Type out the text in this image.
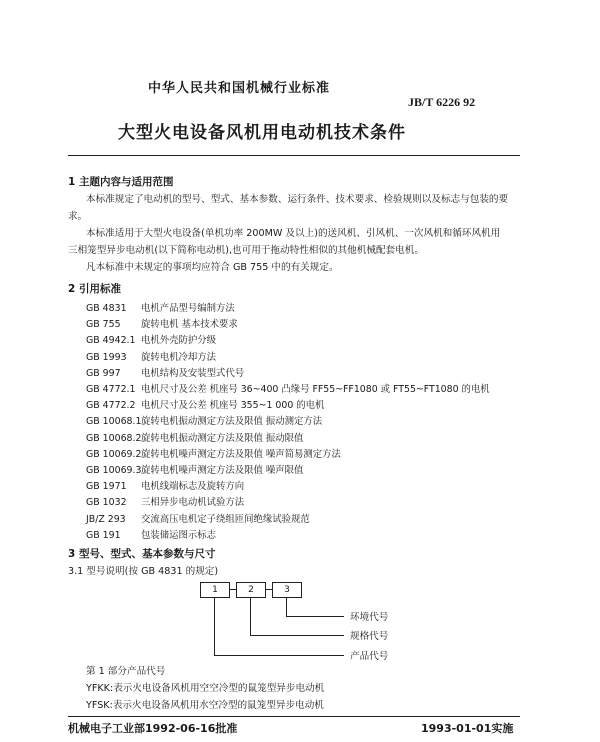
中华人民共和国机械行业标准
JB/T 6226 92
大型火电设备风机用电动机技术条件
1 主题内容与适用范围
本标准规定了电动机的型号、型式、基本参数、运行条件、技术要求、检验规则以及标志与包装的要
求。
本标准适用于大型火电设备(单机功率 200MW 及以上)的送风机、引风机、一次风机和循环风机用
三相笼型异步电动机(以下简称电动机),也可用于拖动特性相似的其他机械配套电机。
凡本标准中未规定的事项均应符合 GB 755 中的有关规定。
2 引用标准
GB 4831 电机产品型号编制方法
GB 755 旋转电机 基本技术要求
GB 4942.1 电机外壳防护分级
GB 1993 旋转电机冷却方法
GB 997 电机结构及安装型式代号
GB 4772.1 电机尺寸及公差 机座号 36~400 凸缘号 FF55~FF1080 或 FT55~FT1080 的电机
GB 4772.2 电机尺寸及公差 机座号 355~1 000 的电机
GB 10068.1旋转电机振动测定方法及限值 振动测定方法
GB 10068.2旋转电机振动测定方法及限值 振动限值
GB 10069.2旋转电机噪声测定方法及限值 噪声简易测定方法
GB 10069.3旋转电机噪声测定方法及限值 噪声限值
GB 1971 电机线端标志及旋转方向
GB 1032 三相异步电动机试验方法
JB/Z 293 交流高压电机定子绕组匝间绝缘试验规范
GB 191 包装储运图示标志
3 型号、型式、基本参数与尺寸
3.1 型号说明(按 GB 4831 的规定)
1	2	3
环境代号
规格代号
产品代号
第 1 部分产品代号
YFKK:表示火电设备风机用空空冷型的鼠笼型异步电动机
YFSK:表示火电设备风机用水空冷型的鼠笼型异步电动机
机械电子工业部1992-06-16批准	1993-01-01实施
